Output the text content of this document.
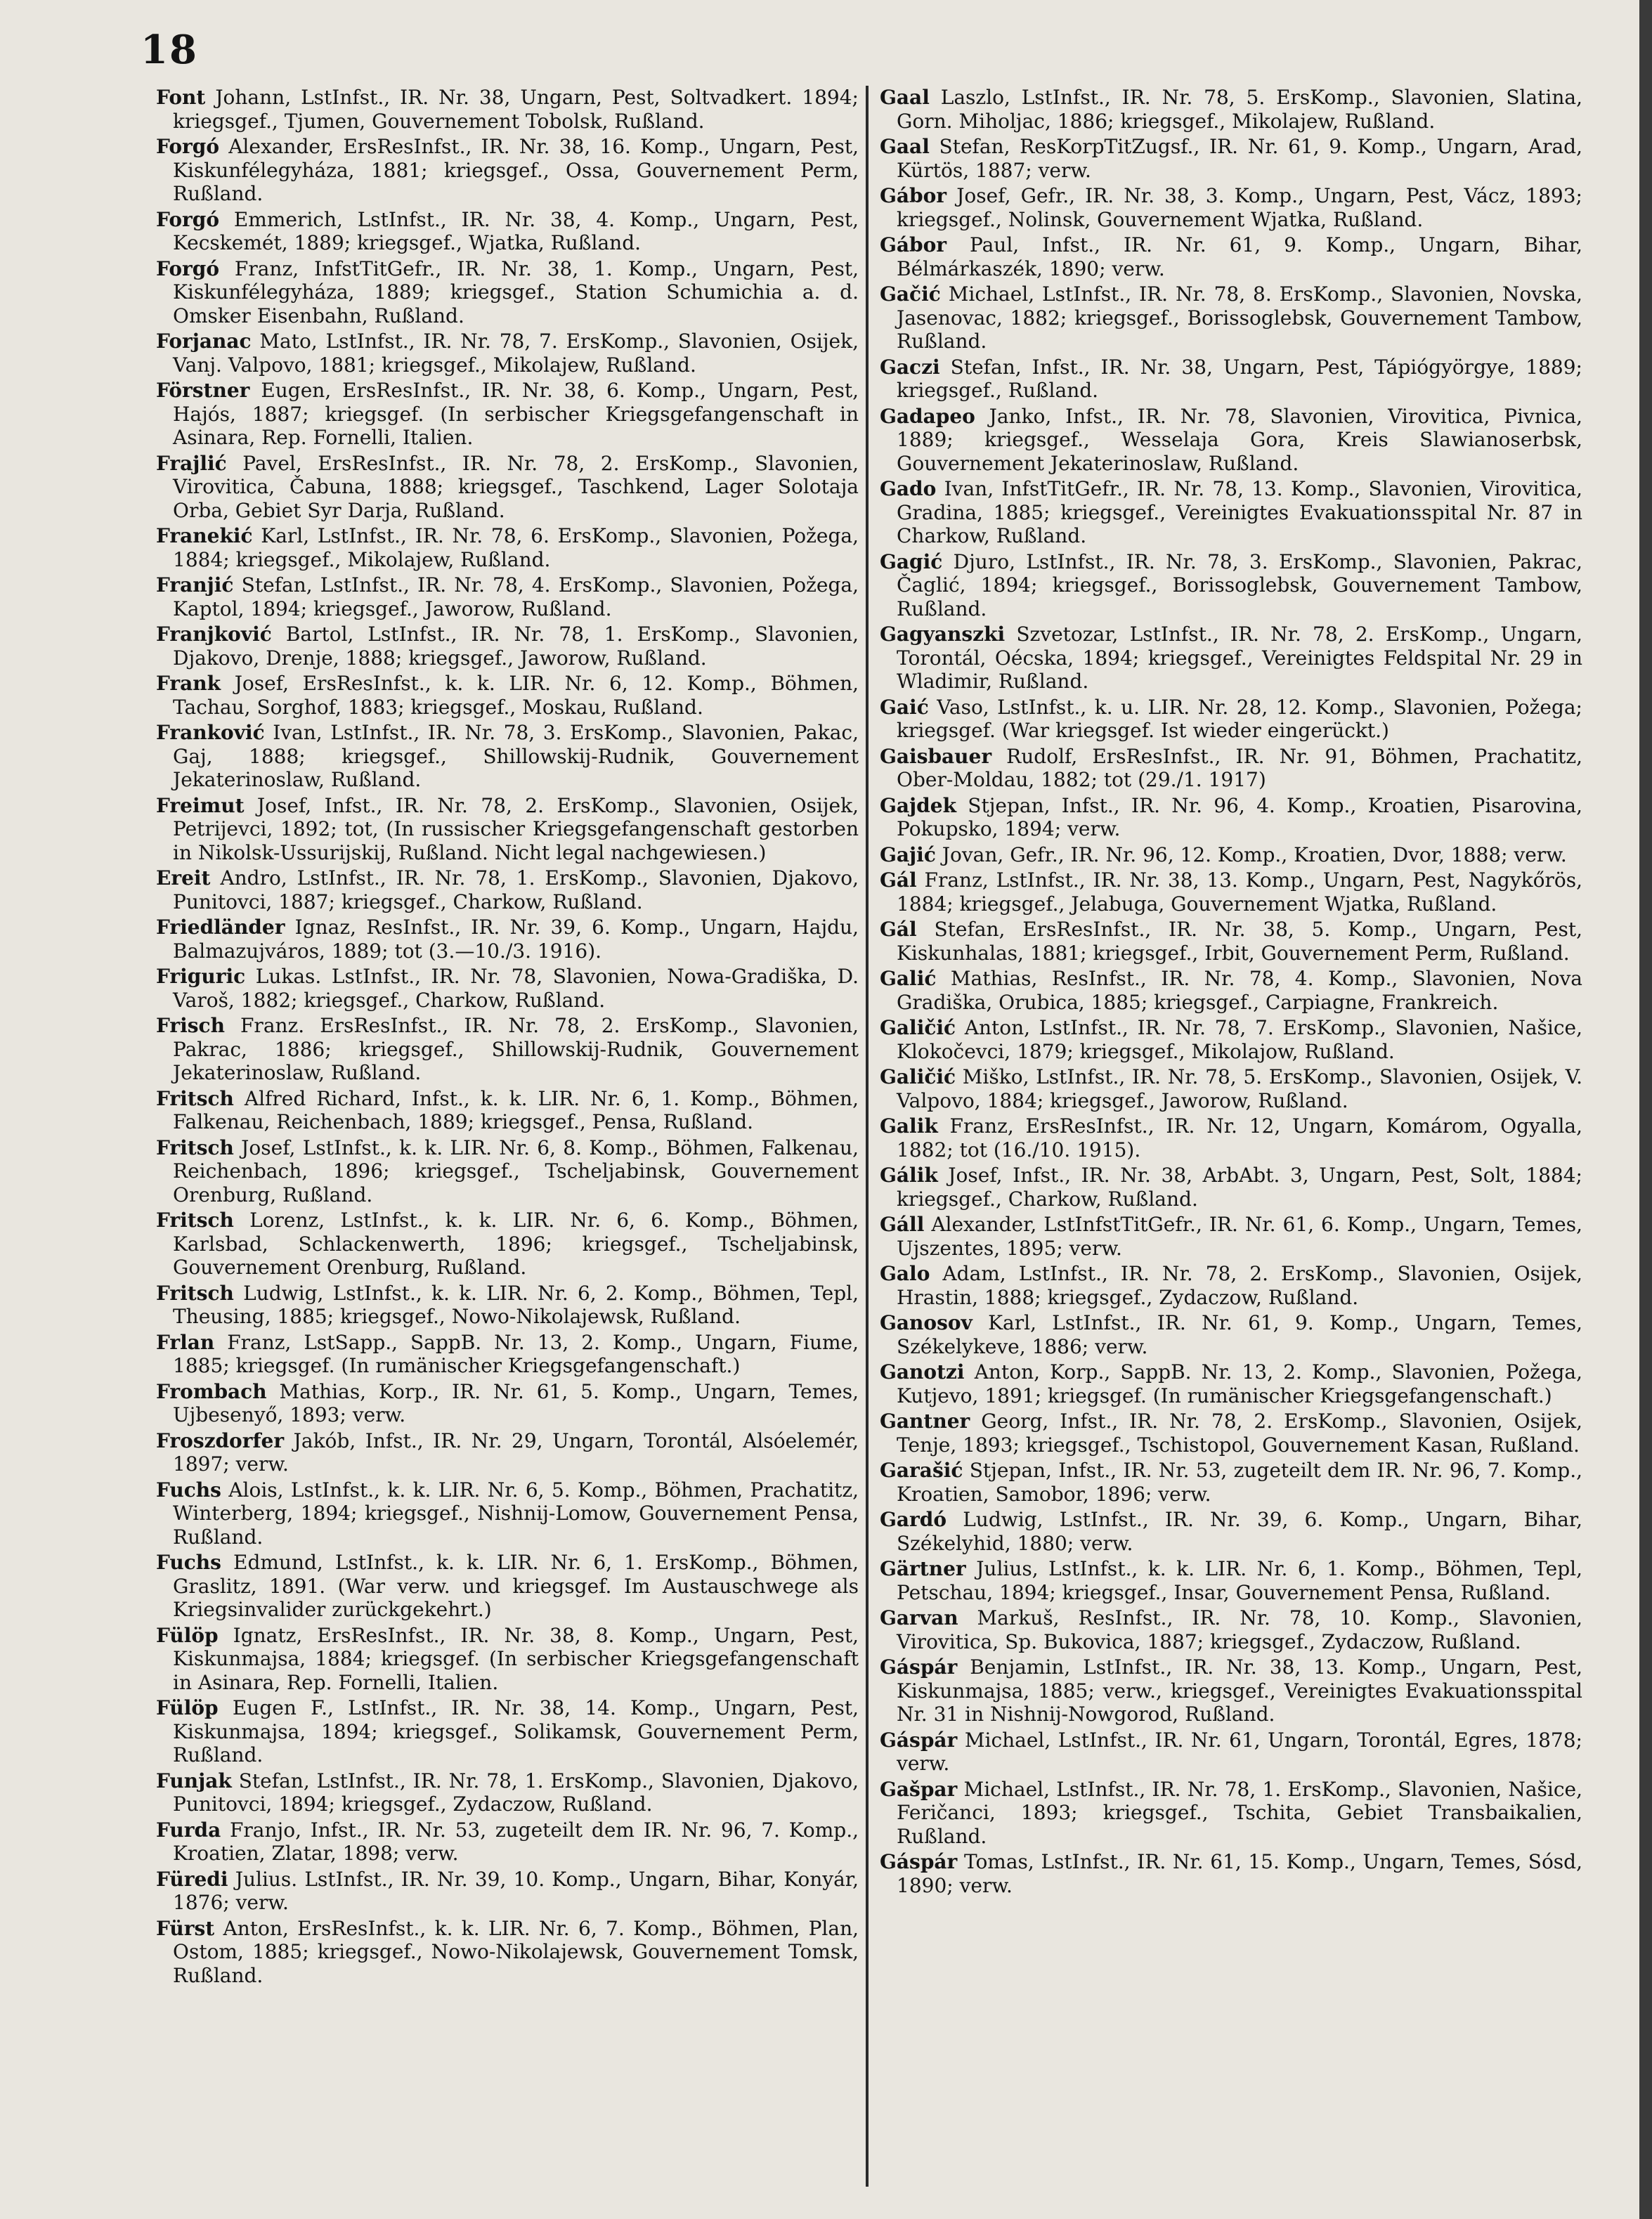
18

Font Johann, LstInfst., IR. Nr. 38, Ungarn, Pest, Soltvadkert. 1894; kriegsgef., Tjumen, Gouvernement Tobolsk, Rußland.

Forgó Alexander, ErsResInfst., IR. Nr. 38, 16. Komp., Ungarn, Pest, Kiskunfélegyháza, 1881; kriegsgef., Ossa, Gouvernement Perm, Rußland.

Forgó Emmerich, LstInfst., IR. Nr. 38, 4. Komp., Ungarn, Pest, Kecskemét, 1889; kriegsgef., Wjatka, Rußland.

Forgó Franz, InfstTitGefr., IR. Nr. 38, 1. Komp., Ungarn, Pest, Kiskunfélegyháza, 1889; kriegsgef., Station Schumichia a. d. Omsker Eisenbahn, Rußland.

Forjanac Mato, LstInfst., IR. Nr. 78, 7. ErsKomp., Slavonien, Osijek, Vanj. Valpovo, 1881; kriegsgef., Mikolajew, Rußland.

Förstner Eugen, ErsResInfst., IR. Nr. 38, 6. Komp., Ungarn, Pest, Hajós, 1887; kriegsgef. (In serbischer Kriegsgefangenschaft in Asinara, Rep. Fornelli, Italien.

Frajlić Pavel, ErsResInfst., IR. Nr. 78, 2. ErsKomp., Slavonien, Virovitica, Čabuna, 1888; kriegsgef., Taschkend, Lager Solotaja Orba, Gebiet Syr Darja, Rußland.

Franekić Karl, LstInfst., IR. Nr. 78, 6. ErsKomp., Slavonien, Požega, 1884; kriegsgef., Mikolajew, Rußland.

Franjić Stefan, LstInfst., IR. Nr. 78, 4. ErsKomp., Slavonien, Požega, Kaptol, 1894; kriegsgef., Jaworow, Rußland.

Franjković Bartol, LstInfst., IR. Nr. 78, 1. ErsKomp., Slavonien, Djakovo, Drenje, 1888; kriegsgef., Jaworow, Rußland.

Frank Josef, ErsResInfst., k. k. LIR. Nr. 6, 12. Komp., Böhmen, Tachau, Sorghof, 1883; kriegsgef., Moskau, Rußland.

Franković Ivan, LstInfst., IR. Nr. 78, 3. ErsKomp., Slavonien, Pakac, Gaj, 1888; kriegsgef., Shillowskij-Rudnik, Gouvernement Jekaterinoslaw, Rußland.

Freimut Josef, Infst., IR. Nr. 78, 2. ErsKomp., Slavonien, Osijek, Petrijevci, 1892; tot, (In russischer Kriegsgefangenschaft gestorben in Nikolsk-Ussurijskij, Rußland. Nicht legal nachgewiesen.)

Ereit Andro, LstInfst., IR. Nr. 78, 1. ErsKomp., Slavonien, Djakovo, Punitovci, 1887; kriegsgef., Charkow, Rußland.

Friedländer Ignaz, ResInfst., IR. Nr. 39, 6. Komp., Ungarn, Hajdu, Balmazujváros, 1889; tot (3.—10./3. 1916).

Friguric Lukas. LstInfst., IR. Nr. 78, Slavonien, Nowa-Gradiška, D. Varoš, 1882; kriegsgef., Charkow, Rußland.

Frisch Franz. ErsResInfst., IR. Nr. 78, 2. ErsKomp., Slavonien, Pakrac, 1886; kriegsgef., Shillowskij-Rudnik, Gouvernement Jekaterinoslaw, Rußland.

Fritsch Alfred Richard, Infst., k. k. LIR. Nr. 6, 1. Komp., Böhmen, Falkenau, Reichenbach, 1889; kriegsgef., Pensa, Rußland.

Fritsch Josef, LstInfst., k. k. LIR. Nr. 6, 8. Komp., Böhmen, Falkenau, Reichenbach, 1896; kriegsgef., Tscheljabinsk, Gouvernement Orenburg, Rußland.

Fritsch Lorenz, LstInfst., k. k. LIR. Nr. 6, 6. Komp., Böhmen, Karlsbad, Schlackenwerth, 1896; kriegsgef., Tscheljabinsk, Gouvernement Orenburg, Rußland.

Fritsch Ludwig, LstInfst., k. k. LIR. Nr. 6, 2. Komp., Böhmen, Tepl, Theusing, 1885; kriegsgef., Nowo-Nikolajewsk, Rußland.

Frlan Franz, LstSapp., SappB. Nr. 13, 2. Komp., Ungarn, Fiume, 1885; kriegsgef. (In rumänischer Kriegsgefangenschaft.)

Frombach Mathias, Korp., IR. Nr. 61, 5. Komp., Ungarn, Temes, Ujbesenyő, 1893; verw.

Froszdorfer Jakób, Infst., IR. Nr. 29, Ungarn, Torontál, Alsóelemér, 1897; verw.

Fuchs Alois, LstInfst., k. k. LIR. Nr. 6, 5. Komp., Böhmen, Prachatitz, Winterberg, 1894; kriegsgef., Nishnij-Lomow, Gouvernement Pensa, Rußland.

Fuchs Edmund, LstInfst., k. k. LIR. Nr. 6, 1. ErsKomp., Böhmen, Graslitz, 1891. (War verw. und kriegsgef. Im Austauschwege als Kriegsinvalider zurückgekehrt.)

Fülöp Ignatz, ErsResInfst., IR. Nr. 38, 8. Komp., Ungarn, Pest, Kiskunmajsa, 1884; kriegsgef. (In serbischer Kriegsgefangenschaft in Asinara, Rep. Fornelli, Italien.

Fülöp Eugen F., LstInfst., IR. Nr. 38, 14. Komp., Ungarn, Pest, Kiskunmajsa, 1894; kriegsgef., Solikamsk, Gouvernement Perm, Rußland.

Funjak Stefan, LstInfst., IR. Nr. 78, 1. ErsKomp., Slavonien, Djakovo, Punitovci, 1894; kriegsgef., Zydaczow, Rußland.

Furda Franjo, Infst., IR. Nr. 53, zugeteilt dem IR. Nr. 96, 7. Komp., Kroatien, Zlatar, 1898; verw.

Füredi Julius. LstInfst., IR. Nr. 39, 10. Komp., Ungarn, Bihar, Konyár, 1876; verw.

Fürst Anton, ErsResInfst., k. k. LIR. Nr. 6, 7. Komp., Böhmen, Plan, Ostom, 1885; kriegsgef., Nowo-Nikolajewsk, Gouvernement Tomsk, Rußland.

Gaal Laszlo, LstInfst., IR. Nr. 78, 5. ErsKomp., Slavonien, Slatina, Gorn. Miholjac, 1886; kriegsgef., Mikolajew, Rußland.

Gaal Stefan, ResKorpTitZugsf., IR. Nr. 61, 9. Komp., Ungarn, Arad, Kürtös, 1887; verw.

Gábor Josef, Gefr., IR. Nr. 38, 3. Komp., Ungarn, Pest, Vácz, 1893; kriegsgef., Nolinsk, Gouvernement Wjatka, Rußland.

Gábor Paul, Infst., IR. Nr. 61, 9. Komp., Ungarn, Bihar, Bélmárkaszék, 1890; verw.

Gačić Michael, LstInfst., IR. Nr. 78, 8. ErsKomp., Slavonien, Novska, Jasenovac, 1882; kriegsgef., Borissoglebsk, Gouvernement Tambow, Rußland.

Gaczi Stefan, Infst., IR. Nr. 38, Ungarn, Pest, Tápiógyörgye, 1889; kriegsgef., Rußland.

Gadapeo Janko, Infst., IR. Nr. 78, Slavonien, Virovitica, Pivnica, 1889; kriegsgef., Wesselaja Gora, Kreis Slawianoserbsk, Gouvernement Jekaterinoslaw, Rußland.

Gado Ivan, InfstTitGefr., IR. Nr. 78, 13. Komp., Slavonien, Virovitica, Gradina, 1885; kriegsgef., Vereinigtes Evakuationsspital Nr. 87 in Charkow, Rußland.

Gagić Djuro, LstInfst., IR. Nr. 78, 3. ErsKomp., Slavonien, Pakrac, Čaglić, 1894; kriegsgef., Borissoglebsk, Gouvernement Tambow, Rußland.

Gagyanszki Szvetozar, LstInfst., IR. Nr. 78, 2. ErsKomp., Ungarn, Torontál, Oécska, 1894; kriegsgef., Vereinigtes Feldspital Nr. 29 in Wladimir, Rußland.

Gaić Vaso, LstInfst., k. u. LIR. Nr. 28, 12. Komp., Slavonien, Požega; kriegsgef. (War kriegsgef. Ist wieder eingerückt.)

Gaisbauer Rudolf, ErsResInfst., IR. Nr. 91, Böhmen, Prachatitz, Ober-Moldau, 1882; tot (29./1. 1917)

Gajdek Stjepan, Infst., IR. Nr. 96, 4. Komp., Kroatien, Pisarovina, Pokupsko, 1894; verw.

Gajić Jovan, Gefr., IR. Nr. 96, 12. Komp., Kroatien, Dvor, 1888; verw.

Gál Franz, LstInfst., IR. Nr. 38, 13. Komp., Ungarn, Pest, Nagykőrös, 1884; kriegsgef., Jelabuga, Gouvernement Wjatka, Rußland.

Gál Stefan, ErsResInfst., IR. Nr. 38, 5. Komp., Ungarn, Pest, Kiskunhalas, 1881; kriegsgef., Irbit, Gouvernement Perm, Rußland.

Galić Mathias, ResInfst., IR. Nr. 78, 4. Komp., Slavonien, Nova Gradiška, Orubica, 1885; kriegsgef., Carpiagne, Frankreich.

Galičić Anton, LstInfst., IR. Nr. 78, 7. ErsKomp., Slavonien, Našice, Klokočevci, 1879; kriegsgef., Mikolajow, Rußland.

Galičić Miško, LstInfst., IR. Nr. 78, 5. ErsKomp., Slavonien, Osijek, V. Valpovo, 1884; kriegsgef., Jaworow, Rußland.

Galik Franz, ErsResInfst., IR. Nr. 12, Ungarn, Komárom, Ogyalla, 1882; tot (16./10. 1915).

Gálik Josef, Infst., IR. Nr. 38, ArbAbt. 3, Ungarn, Pest, Solt, 1884; kriegsgef., Charkow, Rußland.

Gáll Alexander, LstInfstTitGefr., IR. Nr. 61, 6. Komp., Ungarn, Temes, Ujszentes, 1895; verw.

Galo Adam, LstInfst., IR. Nr. 78, 2. ErsKomp., Slavonien, Osijek, Hrastin, 1888; kriegsgef., Zydaczow, Rußland.

Ganosov Karl, LstInfst., IR. Nr. 61, 9. Komp., Ungarn, Temes, Székelykeve, 1886; verw.

Ganotzi Anton, Korp., SappB. Nr. 13, 2. Komp., Slavonien, Požega, Kutjevo, 1891; kriegsgef. (In rumänischer Kriegsgefangenschaft.)

Gantner Georg, Infst., IR. Nr. 78, 2. ErsKomp., Slavonien, Osijek, Tenje, 1893; kriegsgef., Tschistopol, Gouvernement Kasan, Rußland.

Garašić Stjepan, Infst., IR. Nr. 53, zugeteilt dem IR. Nr. 96, 7. Komp., Kroatien, Samobor, 1896; verw.

Gardó Ludwig, LstInfst., IR. Nr. 39, 6. Komp., Ungarn, Bihar, Székelyhid, 1880; verw.

Gärtner Julius, LstInfst., k. k. LIR. Nr. 6, 1. Komp., Böhmen, Tepl, Petschau, 1894; kriegsgef., Insar, Gouvernement Pensa, Rußland.

Garvan Markuš, ResInfst., IR. Nr. 78, 10. Komp., Slavonien, Virovitica, Sp. Bukovica, 1887; kriegsgef., Zydaczow, Rußland.

Gáspár Benjamin, LstInfst., IR. Nr. 38, 13. Komp., Ungarn, Pest, Kiskunmajsa, 1885; verw., kriegsgef., Vereinigtes Evakuationsspital Nr. 31 in Nishnij-Nowgorod, Rußland.

Gáspár Michael, LstInfst., IR. Nr. 61, Ungarn, Torontál, Egres, 1878; verw.

Gašpar Michael, LstInfst., IR. Nr. 78, 1. ErsKomp., Slavonien, Našice, Feričanci, 1893; kriegsgef., Tschita, Gebiet Transbaikalien, Rußland.

Gáspár Tomas, LstInfst., IR. Nr. 61, 15. Komp., Ungarn, Temes, Sósd, 1890; verw.
